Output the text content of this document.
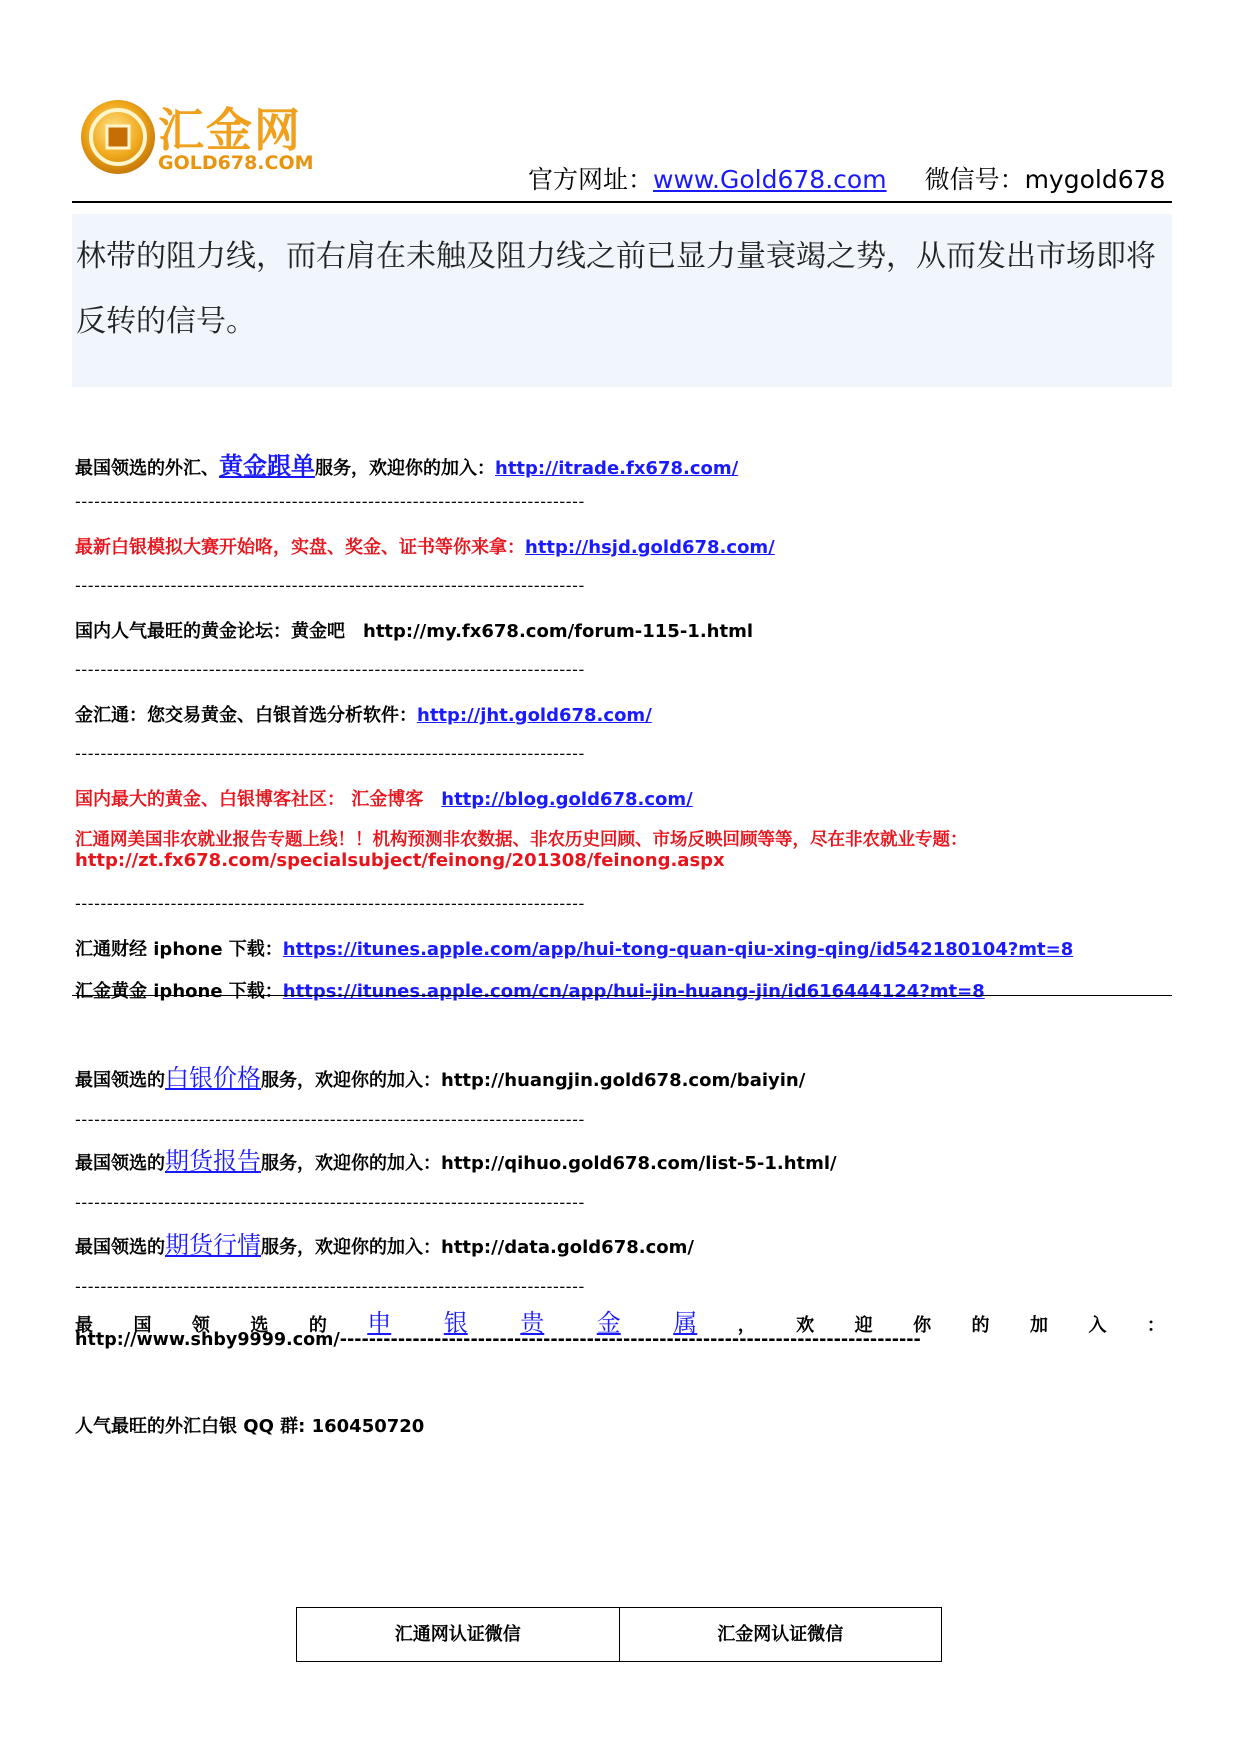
汇金网
GOLD678.COM
官方网址：www.Gold678.com 微信号：mygold678

林带的阻力线，而右肩在未触及阻力线之前已显力量衰竭之势，从而发出市场即将反转的信号。

最国领选的外汇、黄金跟单服务，欢迎你的加入：http://itrade.fx678.com/
--------------------------------------------------------------------------------
最新白银模拟大赛开始咯，实盘、奖金、证书等你来拿：http://hsjd.gold678.com/
--------------------------------------------------------------------------------
国内人气最旺的黄金论坛：黄金吧　http://my.fx678.com/forum-115-1.html
--------------------------------------------------------------------------------
金汇通：您交易黄金、白银首选分析软件：http://jht.gold678.com/
--------------------------------------------------------------------------------
国内最大的黄金、白银博客社区： 汇金博客　http://blog.gold678.com/
汇通网美国非农就业报告专题上线！！机构预测非农数据、非农历史回顾、市场反映回顾等等，尽在非农就业专题：
http://zt.fx678.com/specialsubject/feinong/201308/feinong.aspx
--------------------------------------------------------------------------------
汇通财经 iphone 下载：https://itunes.apple.com/app/hui-tong-quan-qiu-xing-qing/id542180104?mt=8
汇金黄金 iphone 下载：https://itunes.apple.com/cn/app/hui-jin-huang-jin/id616444124?mt=8
最国领选的白银价格服务，欢迎你的加入：http://huangjin.gold678.com/baiyin/
--------------------------------------------------------------------------------
最国领选的期货报告服务，欢迎你的加入：http://qihuo.gold678.com/list-5-1.html/
--------------------------------------------------------------------------------
最国领选的期货行情服务，欢迎你的加入：http://data.gold678.com/
--------------------------------------------------------------------------------
最 国 领 选 的 申 银 贵 金 属 ， 欢 迎 你 的 加 入 ：
http://www.shby9999.com/--------------------------------------------------------------------------------
人气最旺的外汇白银 QQ 群: 160450720
汇通网认证微信	汇金网认证微信
